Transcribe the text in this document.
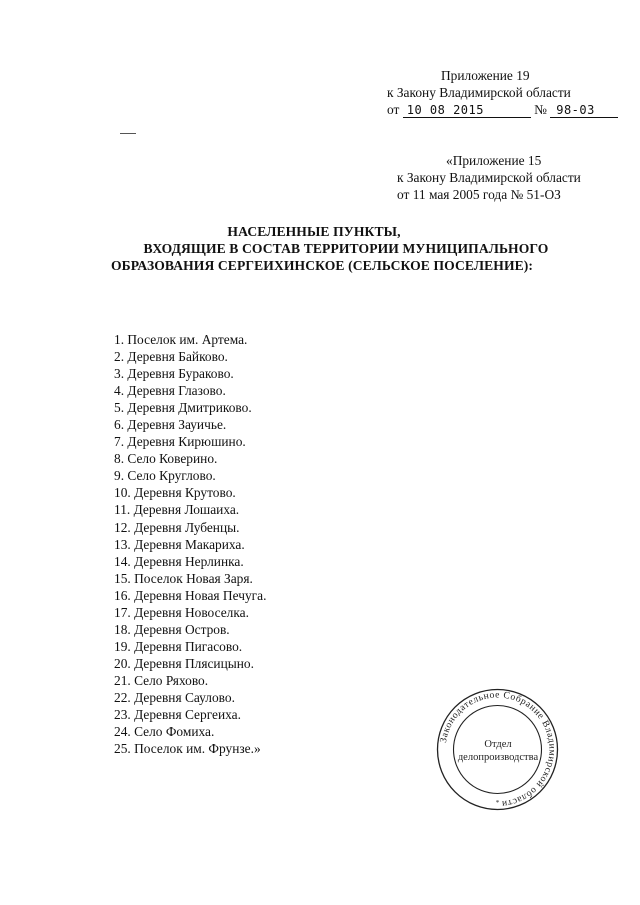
Приложение 19
к Закону Владимирской области
от 10 08 2015	№ 98-03
«Приложение 15
к Закону Владимирской области
от 11 мая 2005 года № 51-ОЗ
НАСЕЛЕННЫЕ ПУНКТЫ,
ВХОДЯЩИЕ В СОСТАВ ТЕРРИТОРИИ МУНИЦИПАЛЬНОГО
ОБРАЗОВАНИЯ СЕРГЕИХИНСКОЕ (СЕЛЬСКОЕ ПОСЕЛЕНИЕ):
1. Поселок им. Артема.
2. Деревня Байково.
3. Деревня Бураково.
4. Деревня Глазово.
5. Деревня Дмитриково.
6. Деревня Зауичье.
7. Деревня Кирюшино.
8. Село Коверино.
9. Село Круглово.
10. Деревня Крутово.
11. Деревня Лошаиха.
12. Деревня Лубенцы.
13. Деревня Макариха.
14. Деревня Нерлинка.
15. Поселок Новая Заря.
16. Деревня Новая Печуга.
17. Деревня Новоселка.
18. Деревня Остров.
19. Деревня Пигасово.
20. Деревня Плясицыно.
21. Село Ряхово.
22. Деревня Саулово.
23. Деревня Сергеиха.
24. Село Фомиха.
25. Поселок им. Фрунзе.»
Законодательное Собрание Владимирской области
*
Отдел
делопроизводства
